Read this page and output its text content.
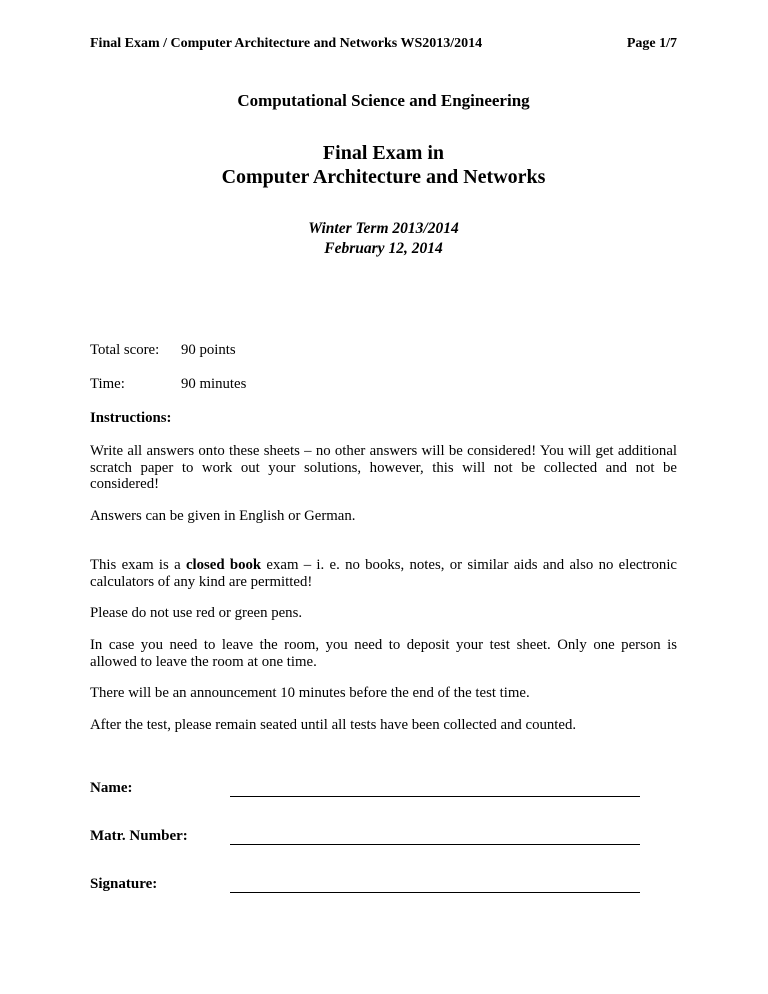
Final Exam / Computer Architecture and Networks WS2013/2014	Page 1/7
Computational Science and Engineering
Final Exam in
Computer Architecture and Networks
Winter Term 2013/2014
February 12, 2014
Total score:	90 points
Time:	90 minutes
Instructions:

Write all answers onto these sheets – no other answers will be considered! You will get additional scratch paper to work out your solutions, however, this will not be collected and not be considered!

Answers can be given in English or German.

This exam is a closed book exam – i. e. no books, notes, or similar aids and also no electronic calculators of any kind are permitted!

Please do not use red or green pens.

In case you need to leave the room, you need to deposit your test sheet. Only one person is allowed to leave the room at one time.

There will be an announcement 10 minutes before the end of the test time.

After the test, please remain seated until all tests have been collected and counted.

Name:
Matr. Number:
Signature:
